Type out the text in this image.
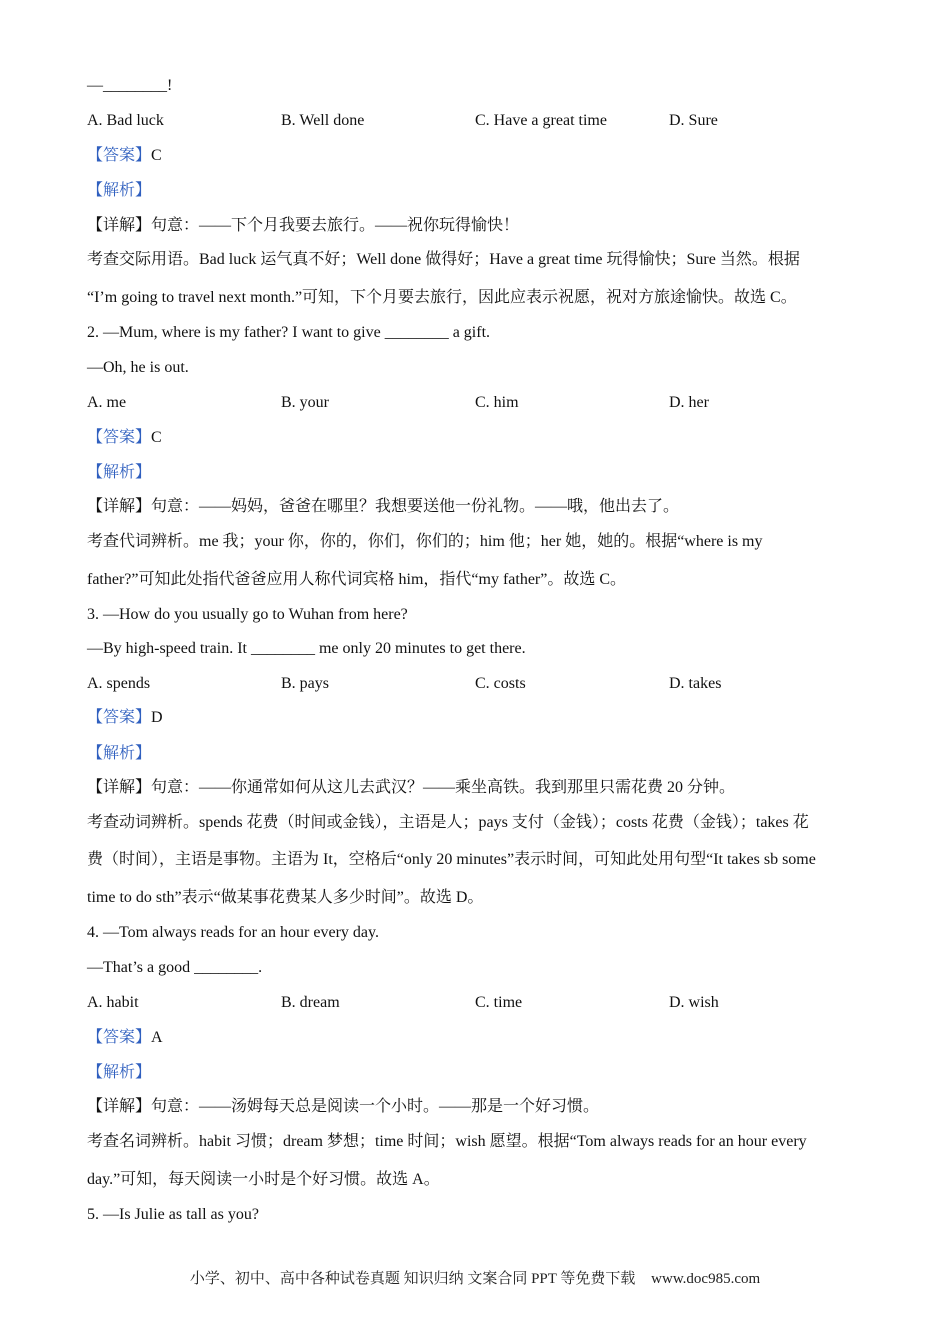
—________!
A. Bad luck	B. Well done	C. Have a great time	D. Sure
【答案】C
【解析】
【详解】句意：——下个月我要去旅行。——祝你玩得愉快！
考查交际用语。Bad luck 运气真不好；Well done 做得好；Have a great time 玩得愉快；Sure 当然。根据
“I’m going to travel next month.”可知，下个月要去旅行，因此应表示祝愿，祝对方旅途愉快。故选 C。
2. —Mum, where is my father? I want to give ________ a gift.
—Oh, he is out.
A. me	B. your	C. him	D. her
【答案】C
【解析】
【详解】句意：——妈妈，爸爸在哪里？我想要送他一份礼物。——哦，他出去了。
考查代词辨析。me 我；your 你，你的，你们，你们的；him 他；her 她，她的。根据“where is my
father?”可知此处指代爸爸应用人称代词宾格 him，指代“my father”。故选 C。
3. —How do you usually go to Wuhan from here?
—By high-speed train. It ________ me only 20 minutes to get there.
A. spends	B. pays	C. costs	D. takes
【答案】D
【解析】
【详解】句意：——你通常如何从这儿去武汉？——乘坐高铁。我到那里只需花费 20 分钟。
考查动词辨析。spends 花费（时间或金钱），主语是人；pays 支付（金钱）；costs 花费（金钱）；takes 花
费（时间），主语是事物。主语为 It，空格后“only 20 minutes”表示时间，可知此处用句型“It takes sb some
time to do sth”表示“做某事花费某人多少时间”。故选 D。
4. —Tom always reads for an hour every day.
—That’s a good ________.
A. habit	B. dream	C. time	D. wish
【答案】A
【解析】
【详解】句意：——汤姆每天总是阅读一个小时。——那是一个好习惯。
考查名词辨析。habit 习惯；dream 梦想；time 时间；wish 愿望。根据“Tom always reads for an hour every
day.”可知，每天阅读一小时是个好习惯。故选 A。
5. —Is Julie as tall as you?
小学、初中、高中各种试卷真题 知识归纳 文案合同 PPT 等免费下载 www.doc985.com
